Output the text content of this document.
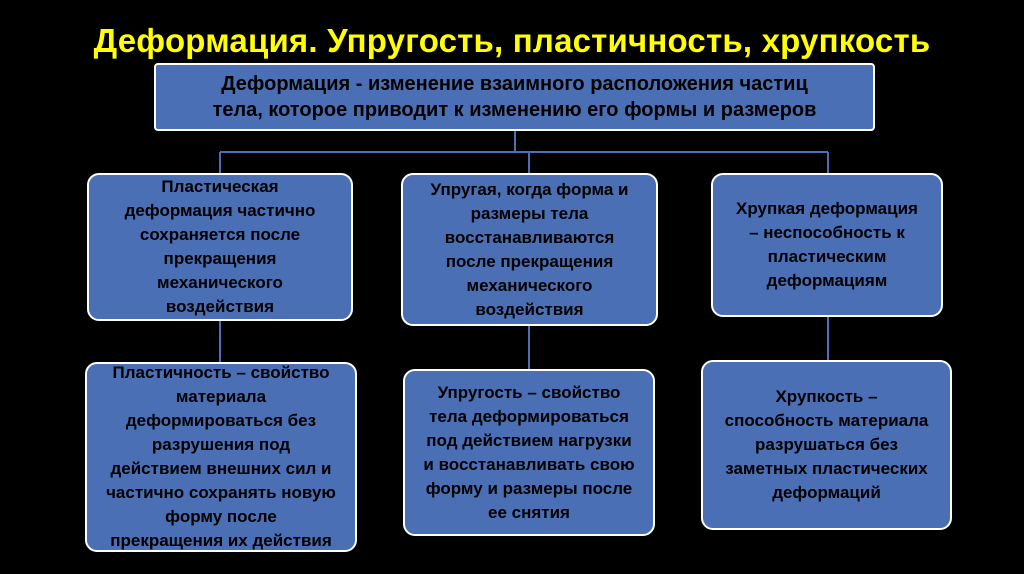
Деформация. Упругость, пластичность, хрупкость
Деформация - изменение взаимного расположения частиц
тела, которое приводит к изменению его формы и размеров
Пластическая
деформация частично
сохраняется после
прекращения
механического
воздействия
Упругая, когда форма и
размеры тела
восстанавливаются
после прекращения
механического
воздействия
Хрупкая деформация
– неспособность к
пластическим
деформациям
Пластичность – свойство
материала
деформироваться без
разрушения под
действием внешних сил и
частично сохранять новую
форму после
прекращения их действия
Упругость – свойство
тела деформироваться
под действием нагрузки
и восстанавливать свою
форму и размеры после
ее снятия
Хрупкость –
способность материала
разрушаться без
заметных пластических
деформаций
